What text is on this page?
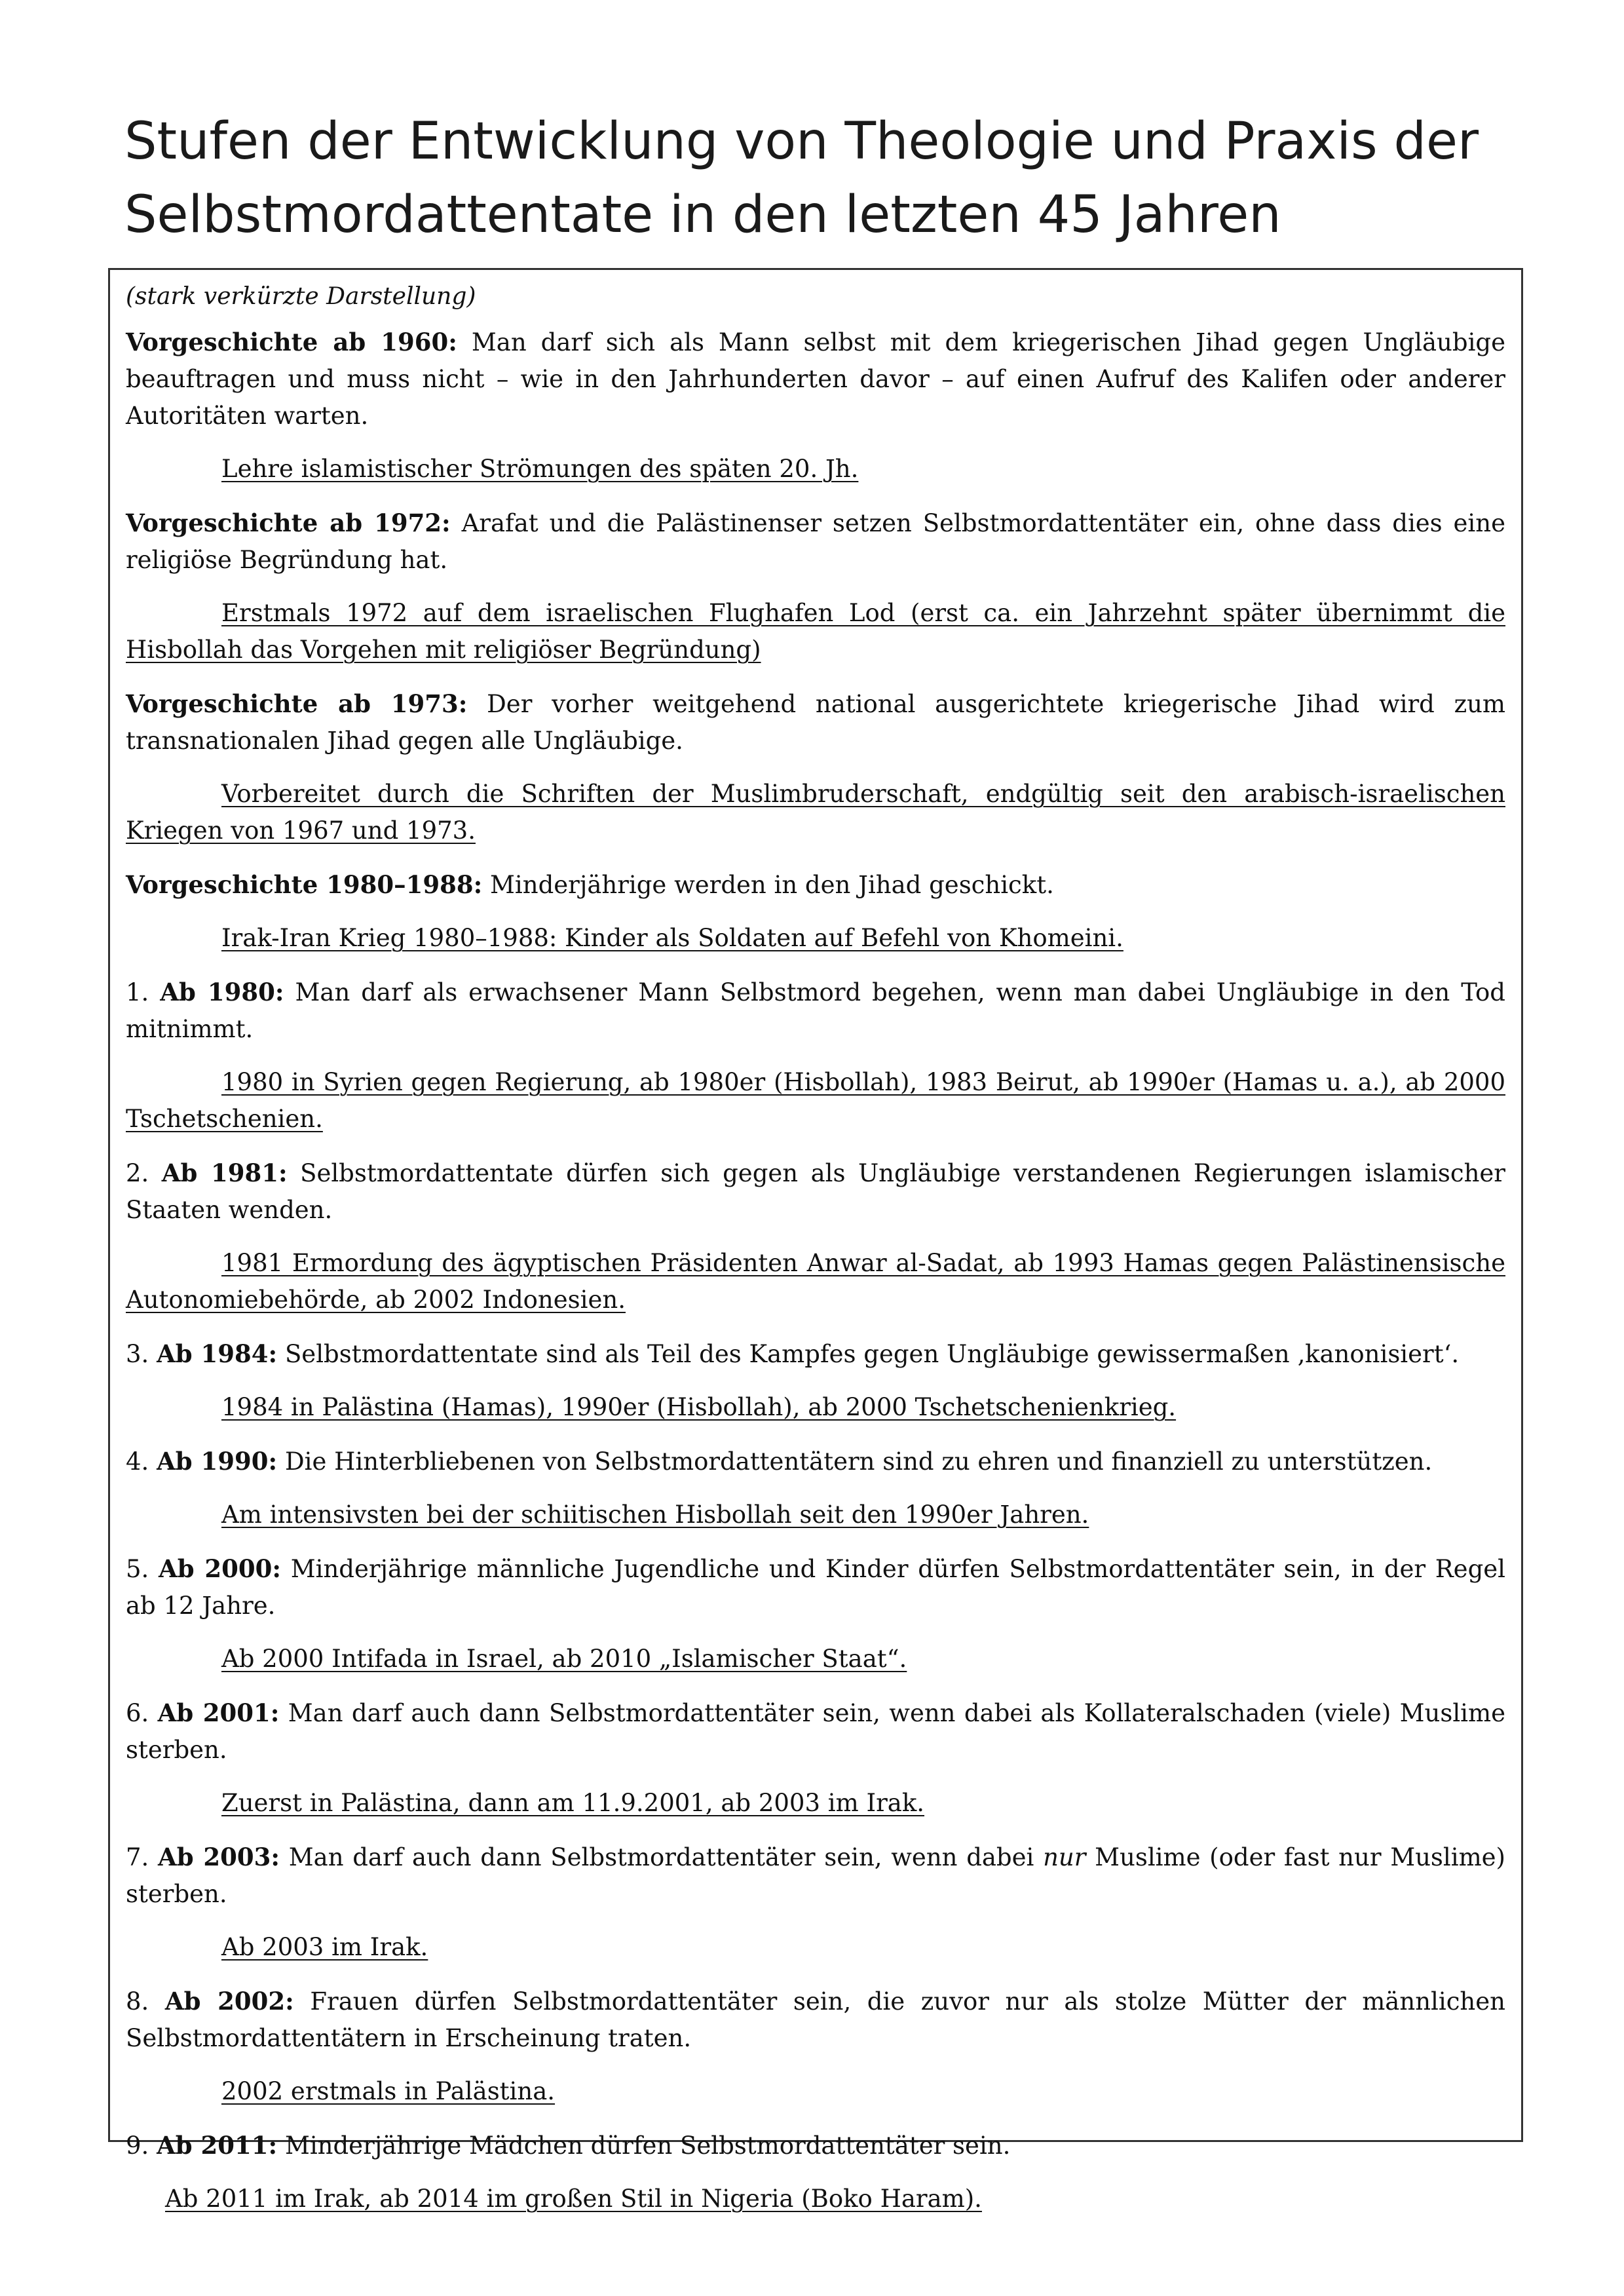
Stufen der Entwicklung von Theologie und Praxis der Selbstmordattentate in den letzten 45 Jahren

(stark verkürzte Darstellung)

Vorgeschichte ab 1960: Man darf sich als Mann selbst mit dem kriegerischen Jihad gegen Ungläubige beauftragen und muss nicht – wie in den Jahrhunderten davor – auf einen Aufruf des Kalifen oder anderer Autoritäten warten.

Lehre islamistischer Strömungen des späten 20. Jh.

Vorgeschichte ab 1972: Arafat und die Palästinenser setzen Selbstmordattentäter ein, ohne dass dies eine religiöse Begründung hat.

Erstmals 1972 auf dem israelischen Flughafen Lod (erst ca. ein Jahrzehnt später übernimmt die Hisbollah das Vorgehen mit religiöser Begründung)

Vorgeschichte ab 1973: Der vorher weitgehend national ausgerichtete kriegerische Jihad wird zum transnationalen Jihad gegen alle Ungläubige.

Vorbereitet durch die Schriften der Muslimbruderschaft, endgültig seit den arabisch-israelischen Kriegen von 1967 und 1973.

Vorgeschichte 1980–1988: Minderjährige werden in den Jihad geschickt.

Irak-Iran Krieg 1980–1988: Kinder als Soldaten auf Befehl von Khomeini.

1. Ab 1980: Man darf als erwachsener Mann Selbstmord begehen, wenn man dabei Ungläubige in den Tod mitnimmt.

1980 in Syrien gegen Regierung, ab 1980er (Hisbollah), 1983 Beirut, ab 1990er (Hamas u. a.), ab 2000 Tschetschenien.

2. Ab 1981: Selbstmordattentate dürfen sich gegen als Ungläubige verstandenen Regierungen islamischer Staaten wenden.

1981 Ermordung des ägyptischen Präsidenten Anwar al-Sadat, ab 1993 Hamas gegen Palästinensische Autonomiebehörde, ab 2002 Indonesien.

3. Ab 1984: Selbstmordattentate sind als Teil des Kampfes gegen Ungläubige gewissermaßen ‚kanonisiert‘.

1984 in Palästina (Hamas), 1990er (Hisbollah), ab 2000 Tschetschenienkrieg.

4. Ab 1990: Die Hinterbliebenen von Selbstmordattentätern sind zu ehren und finanziell zu unterstützen.

Am intensivsten bei der schiitischen Hisbollah seit den 1990er Jahren.

5. Ab 2000: Minderjährige männliche Jugendliche und Kinder dürfen Selbstmordattentäter sein, in der Regel ab 12 Jahre.

Ab 2000 Intifada in Israel, ab 2010 „Islamischer Staat“.

6. Ab 2001: Man darf auch dann Selbstmordattentäter sein, wenn dabei als Kollateralschaden (viele) Muslime sterben.

Zuerst in Palästina, dann am 11.9.2001, ab 2003 im Irak.

7. Ab 2003: Man darf auch dann Selbstmordattentäter sein, wenn dabei nur Muslime (oder fast nur Muslime) sterben.

Ab 2003 im Irak.

8. Ab 2002: Frauen dürfen Selbstmordattentäter sein, die zuvor nur als stolze Mütter der männlichen Selbstmordattentätern in Erscheinung traten.

2002 erstmals in Palästina.

9. Ab 2011: Minderjährige Mädchen dürfen Selbstmordattentäter sein.

Ab 2011 im Irak, ab 2014 im großen Stil in Nigeria (Boko Haram).
